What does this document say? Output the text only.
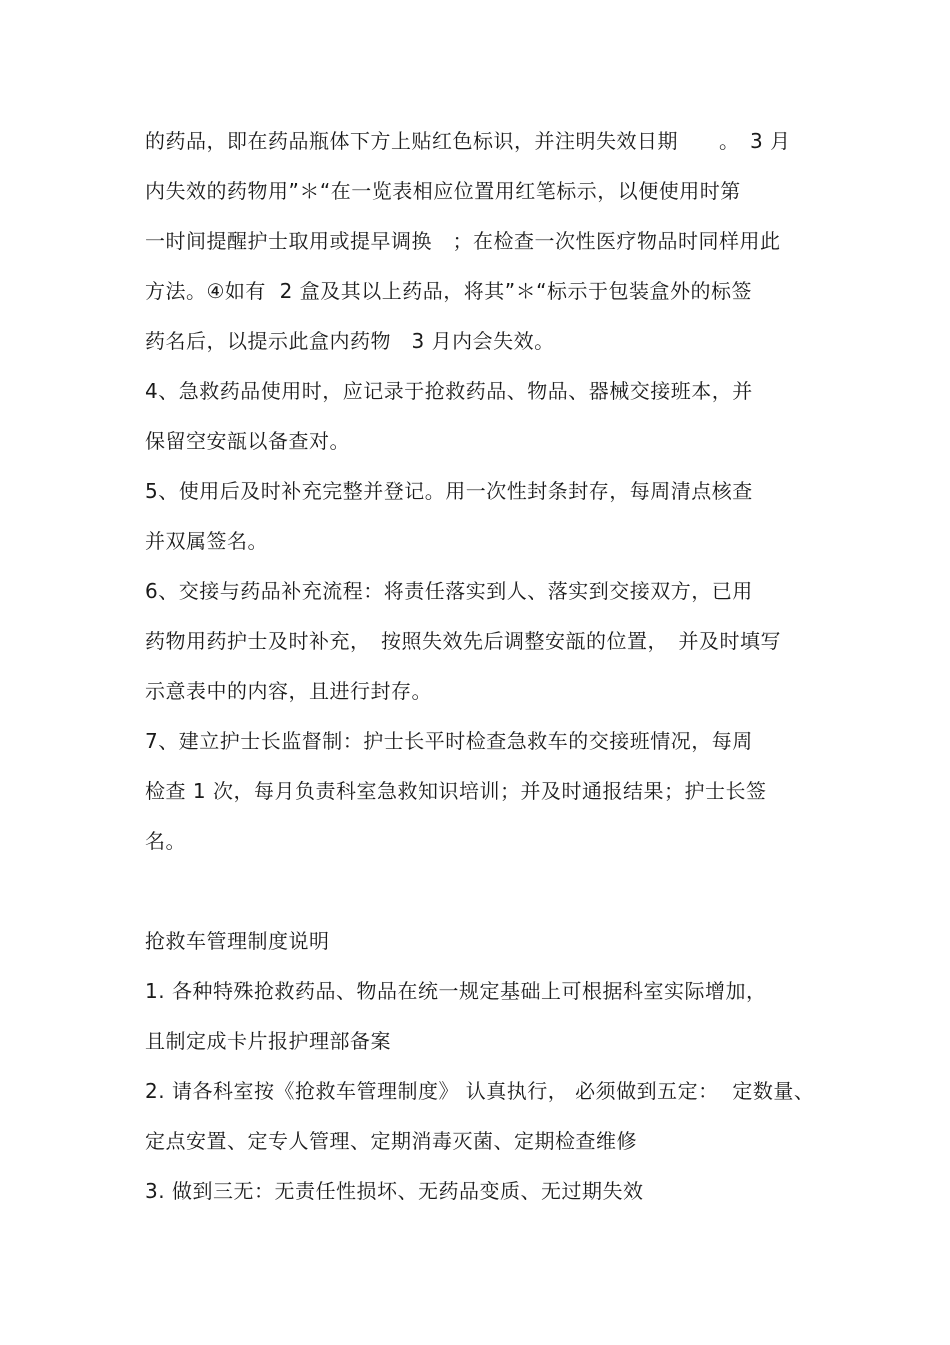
的药品，即在药品瓶体下方上贴红色标识，并注明失效日期　　。　3 月
内失效的药物用”＊“在一览表相应位置用红笔标示，以便使用时第
一时间提醒护士取用或提早调换　；在检查一次性医疗物品时同样用此
方法。④如有  2 盒及其以上药品，将其”＊“标示于包装盒外的标签
药名后，以提示此盒内药物　3 月内会失效。
4、急救药品使用时，应记录于抢救药品、物品、器械交接班本，并
保留空安瓿以备查对。
5、使用后及时补充完整并登记。用一次性封条封存，每周清点核查
并双属签名。
6、交接与药品补充流程：将责任落实到人、落实到交接双方，已用
药物用药护士及时补充，　按照失效先后调整安瓿的位置，　并及时填写
示意表中的内容，且进行封存。
7、建立护士长监督制：护士长平时检查急救车的交接班情况，每周
检查 1 次，每月负责科室急救知识培训；并及时通报结果；护士长签
名。
抢救车管理制度说明
1. 各种特殊抢救药品、物品在统一规定基础上可根据科室实际增加，
且制定成卡片报护理部备案
2. 请各科室按《抢救车管理制度》 认真执行， 必须做到五定：  定数量、
定点安置、定专人管理、定期消毒灭菌、定期检查维修
3. 做到三无：无责任性损坏、无药品变质、无过期失效
